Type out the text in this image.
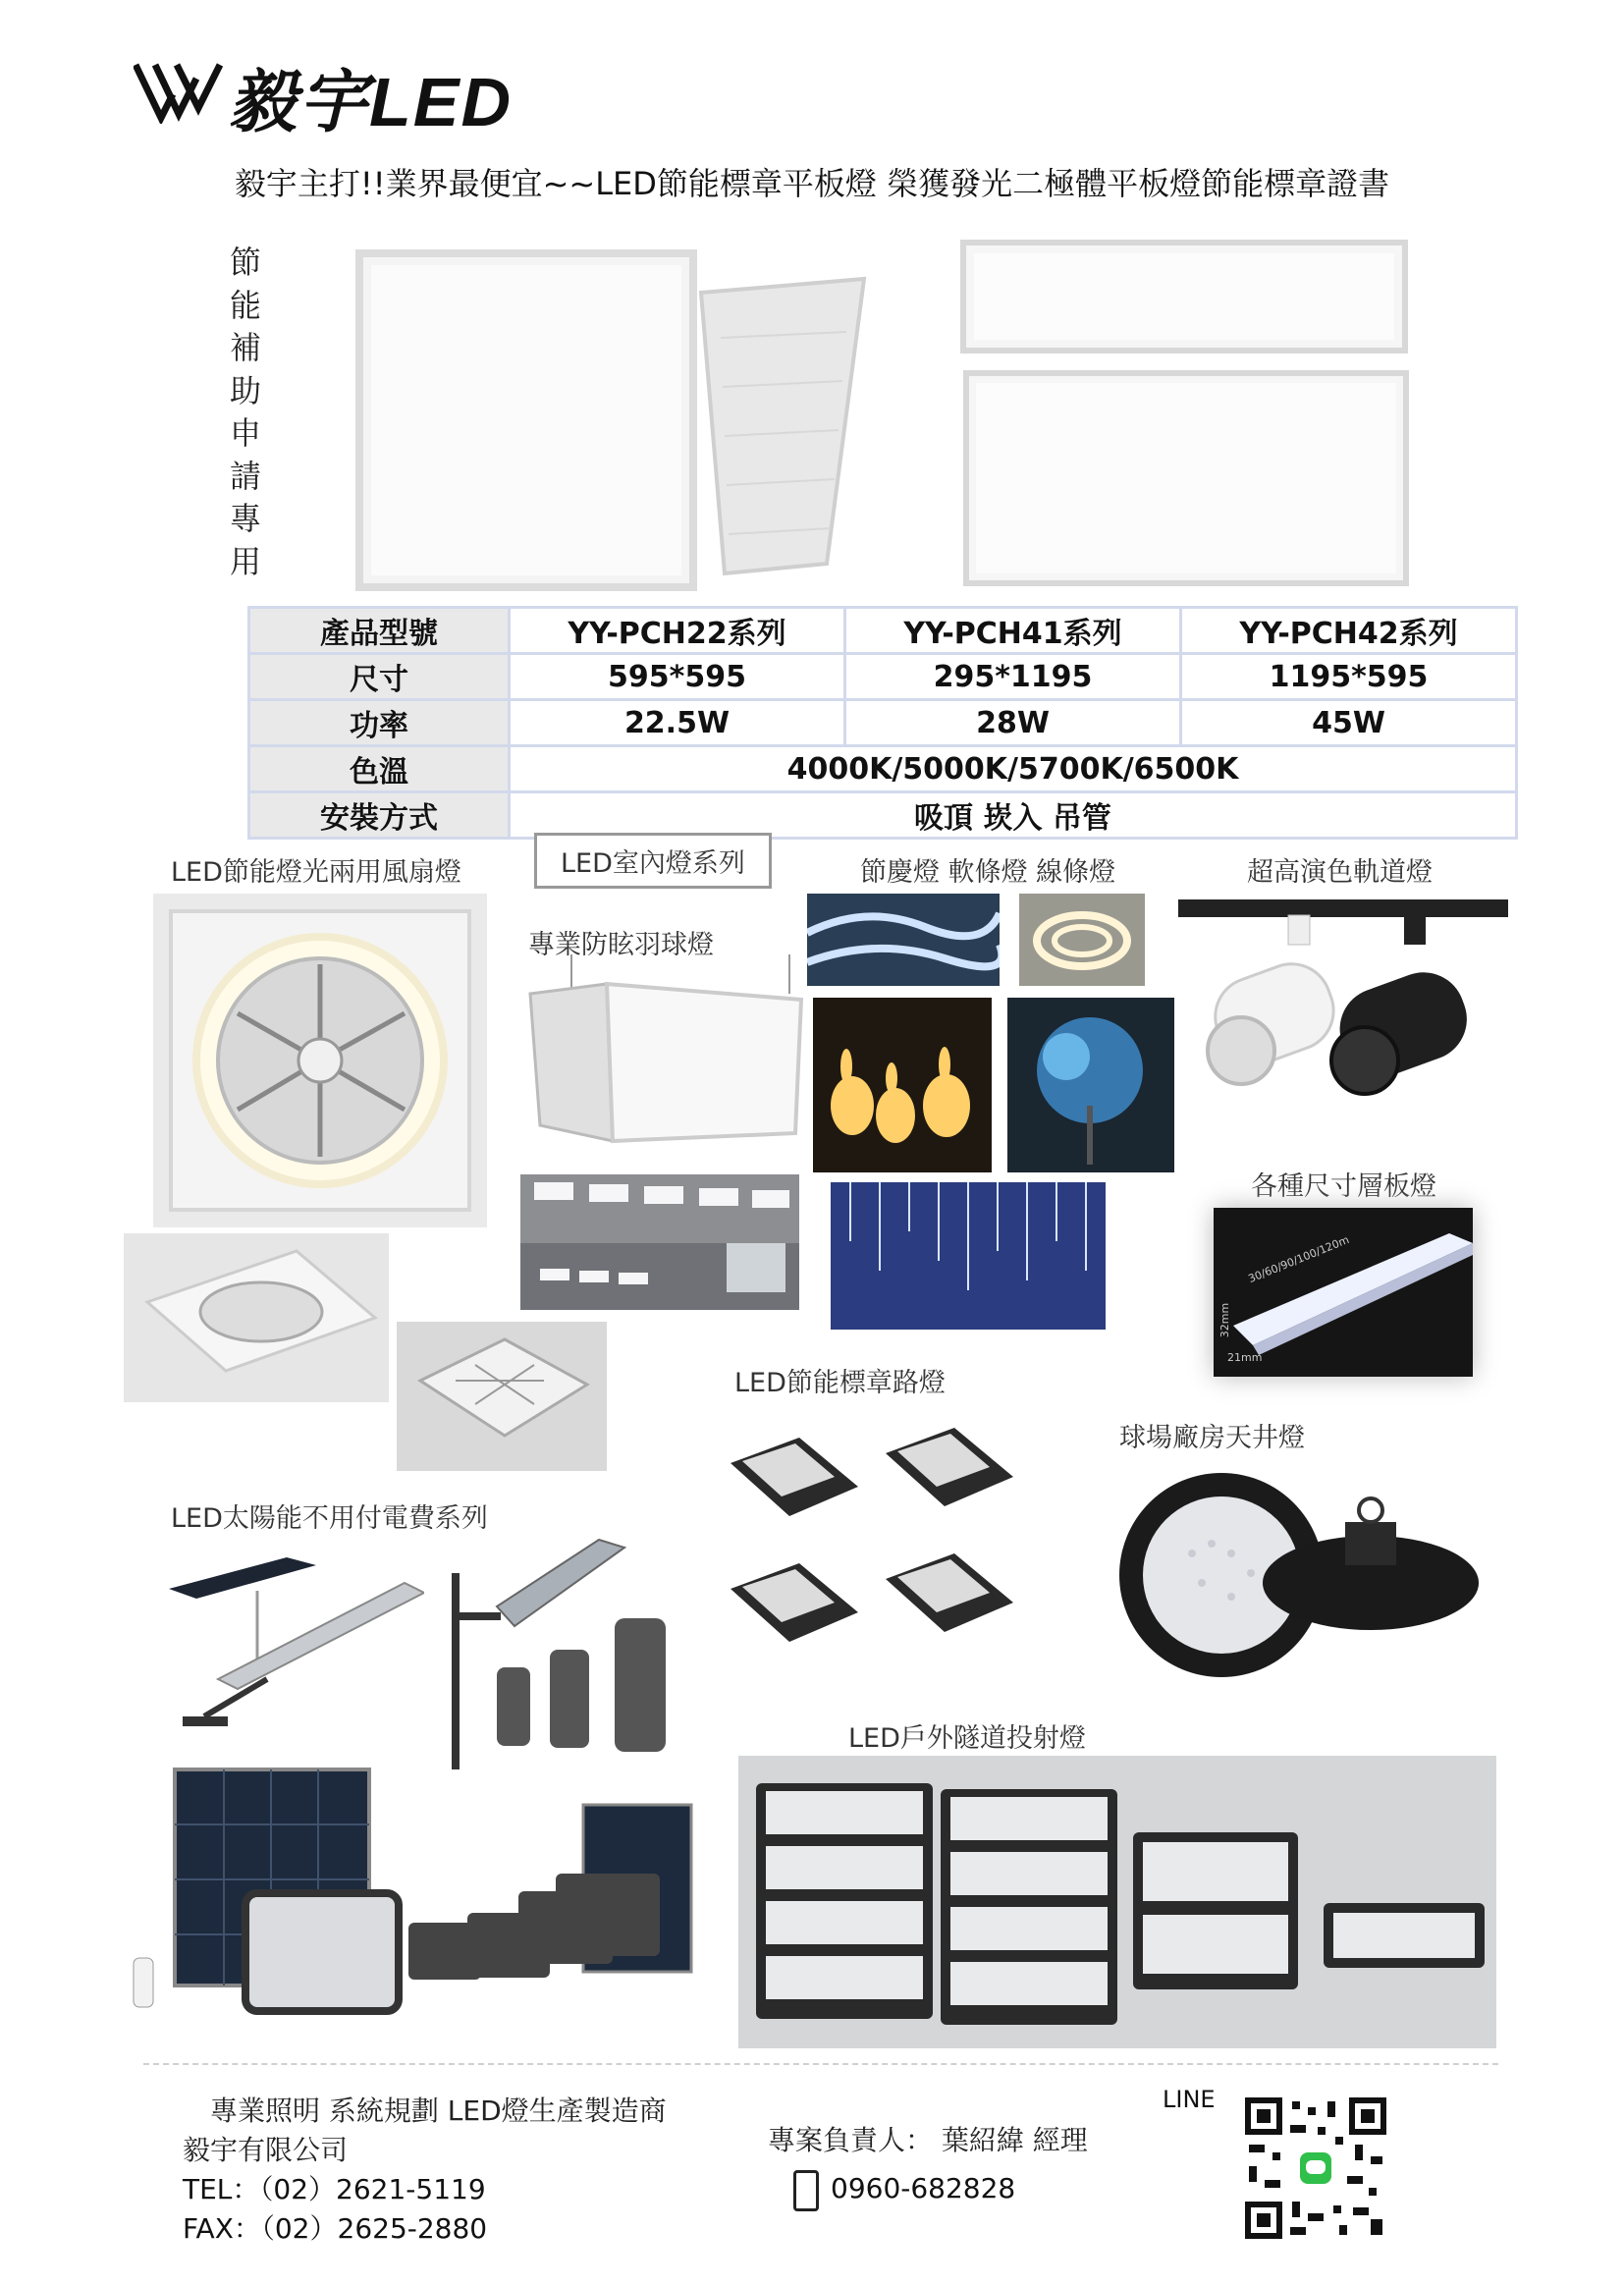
毅宇LED
毅宇主打!!業界最便宜~~LED節能標章平板燈 榮獲發光二極體平板燈節能標章證書
節
能
補
助
申
請
專
用
產品型號	YY-PCH22系列	YY-PCH41系列	YY-PCH42系列
尺寸	595*595	295*1195	1195*595
功率	22.5W	28W	45W
色溫	4000K/5000K/5700K/6500K		
安裝方式	吸頂 崁入 吊管		
LED節能燈光兩用風扇燈	LED室內燈系列	節慶燈 軟條燈 線條燈	超高演色軌道燈
專業防眩羽球燈
各種尺寸層板燈
LED節能標章路燈
球場廠房天井燈
LED太陽能不用付電費系列
LED戶外隧道投射燈
30/60/90/100/120m
32mm
21mm
專業照明 系統規劃 LED燈生產製造商
毅宇有限公司
TEL：（02）2621-5119
FAX：（02）2625-2880
專案負責人： 葉紹緯 經理
0960-682828
LINE
